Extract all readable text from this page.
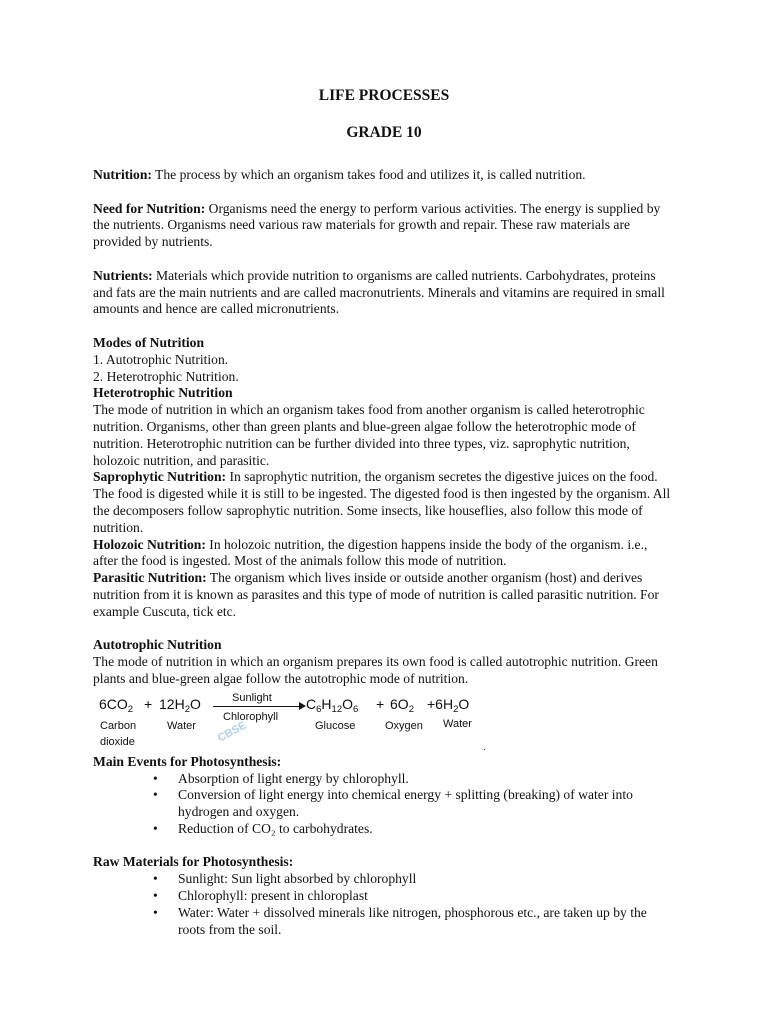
LIFE PROCESSES

GRADE 10

Nutrition: The process by which an organism takes food and utilizes it, is called nutrition.

Need for Nutrition: Organisms need the energy to perform various activities. The energy is supplied by the nutrients. Organisms need various raw materials for growth and repair. These raw materials are provided by nutrients.

Nutrients: Materials which provide nutrition to organisms are called nutrients. Carbohydrates, proteins and fats are the main nutrients and are called macronutrients. Minerals and vitamins are required in small amounts and hence are called micronutrients.

Modes of Nutrition

1. Autotrophic Nutrition.

2. Heterotrophic Nutrition.

Heterotrophic Nutrition

The mode of nutrition in which an organism takes food from another organism is called heterotrophic nutrition. Organisms, other than green plants and blue-green algae follow the heterotrophic mode of nutrition. Heterotrophic nutrition can be further divided into three types, viz. saprophytic nutrition, holozoic nutrition, and parasitic.

Saprophytic Nutrition: In saprophytic nutrition, the organism secretes the digestive juices on the food. The food is digested while it is still to be ingested. The digested food is then ingested by the organism. All the decomposers follow saprophytic nutrition. Some insects, like houseflies, also follow this mode of nutrition.

Holozoic Nutrition: In holozoic nutrition, the digestion happens inside the body of the organism. i.e., after the food is ingested. Most of the animals follow this mode of nutrition.

Parasitic Nutrition: The organism which lives inside or outside another organism (host) and derives nutrition from it is known as parasites and this type of mode of nutrition is called parasitic nutrition. For example Cuscuta, tick etc.

Autotrophic Nutrition

The mode of nutrition in which an organism prepares its own food is called autotrophic nutrition. Green plants and blue-green algae follow the autotrophic mode of nutrition.

$6CO_2 + 12H_2O$	Sunlight
Chlorophyll
CBSE
$C_6H_{12}O_6 + 6O_2 +6H_2O$
Carbon
dioxide
Water	Glucose	Oxygen Water
.

Main Events for Photosynthesis:

• Absorption of light energy by chlorophyll.
• Conversion of light energy into chemical energy + splitting (breaking) of water into hydrogen and oxygen.
• Reduction of CO₂ to carbohydrates.

Raw Materials for Photosynthesis:

• Sunlight: Sun light absorbed by chlorophyll
• Chlorophyll: present in chloroplast
• Water: Water + dissolved minerals like nitrogen, phosphorous etc., are taken up by the roots from the soil.
